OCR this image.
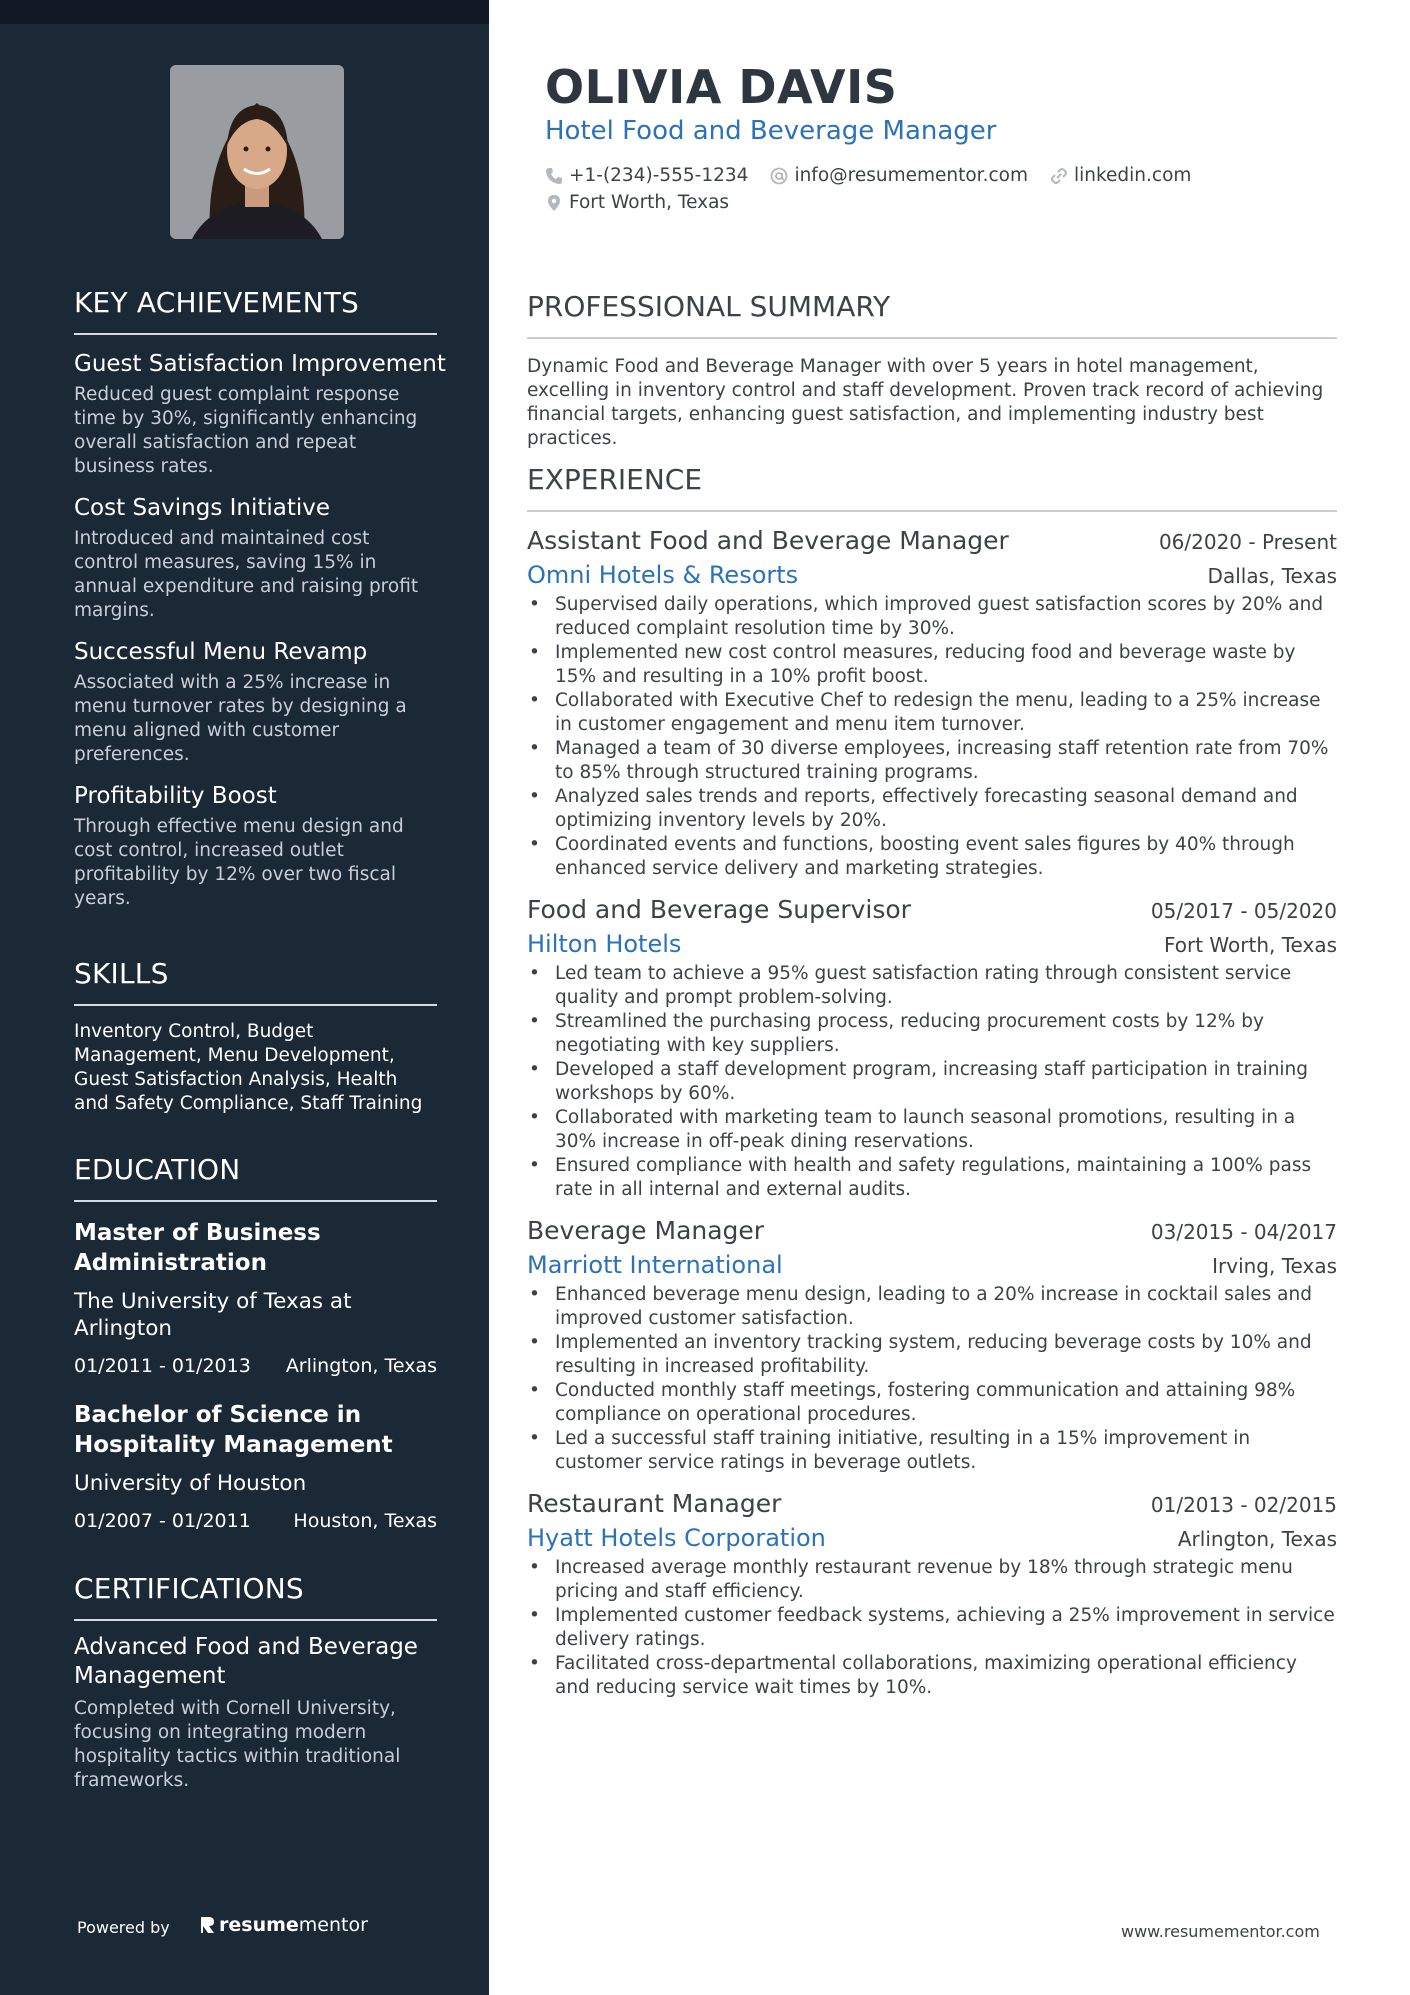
KEY ACHIEVEMENTS
Guest Satisfaction Improvement
Reduced guest complaint response time by 30%, significantly enhancing overall satisfaction and repeat business rates.
Cost Savings Initiative
Introduced and maintained cost control measures, saving 15% in annual expenditure and raising profit margins.
Successful Menu Revamp
Associated with a 25% increase in menu turnover rates by designing a menu aligned with customer preferences.
Profitability Boost
Through effective menu design and cost control, increased outlet profitability by 12% over two fiscal years.
SKILLS
Inventory Control, Budget Management, Menu Development, Guest Satisfaction Analysis, Health and Safety Compliance, Staff Training
EDUCATION
Master of Business Administration
The University of Texas at Arlington
01/2011 - 01/2013 Arlington, Texas
Bachelor of Science in Hospitality Management
University of Houston
01/2007 - 01/2011 Houston, Texas
CERTIFICATIONS
Advanced Food and Beverage Management
Completed with Cornell University, focusing on integrating modern hospitality tactics within traditional frameworks.
Powered by	resumementor
OLIVIA DAVIS
Hotel Food and Beverage Manager
+1-(234)-555-1234 info@resumementor.com linkedin.com
Fort Worth, Texas
PROFESSIONAL SUMMARY
Dynamic Food and Beverage Manager with over 5 years in hotel management, excelling in inventory control and staff development. Proven track record of achieving financial targets, enhancing guest satisfaction, and implementing industry best practices.
EXPERIENCE
Assistant Food and Beverage Manager	06/2020 - Present
Omni Hotels & Resorts	Dallas, Texas
• Supervised daily operations, which improved guest satisfaction scores by 20% and reduced complaint resolution time by 30%.
• Implemented new cost control measures, reducing food and beverage waste by 15% and resulting in a 10% profit boost.
• Collaborated with Executive Chef to redesign the menu, leading to a 25% increase in customer engagement and menu item turnover.
• Managed a team of 30 diverse employees, increasing staff retention rate from 70% to 85% through structured training programs.
• Analyzed sales trends and reports, effectively forecasting seasonal demand and optimizing inventory levels by 20%.
• Coordinated events and functions, boosting event sales figures by 40% through enhanced service delivery and marketing strategies.
Food and Beverage Supervisor	05/2017 - 05/2020
Hilton Hotels	Fort Worth, Texas
• Led team to achieve a 95% guest satisfaction rating through consistent service quality and prompt problem-solving.
• Streamlined the purchasing process, reducing procurement costs by 12% by negotiating with key suppliers.
• Developed a staff development program, increasing staff participation in training workshops by 60%.
• Collaborated with marketing team to launch seasonal promotions, resulting in a 30% increase in off-peak dining reservations.
• Ensured compliance with health and safety regulations, maintaining a 100% pass rate in all internal and external audits.
Beverage Manager	03/2015 - 04/2017
Marriott International	Irving, Texas
• Enhanced beverage menu design, leading to a 20% increase in cocktail sales and improved customer satisfaction.
• Implemented an inventory tracking system, reducing beverage costs by 10% and resulting in increased profitability.
• Conducted monthly staff meetings, fostering communication and attaining 98% compliance on operational procedures.
• Led a successful staff training initiative, resulting in a 15% improvement in customer service ratings in beverage outlets.
Restaurant Manager	01/2013 - 02/2015
Hyatt Hotels Corporation	Arlington, Texas
• Increased average monthly restaurant revenue by 18% through strategic menu pricing and staff efficiency.
• Implemented customer feedback systems, achieving a 25% improvement in service delivery ratings.
• Facilitated cross-departmental collaborations, maximizing operational efficiency and reducing service wait times by 10%.
www.resumementor.com
